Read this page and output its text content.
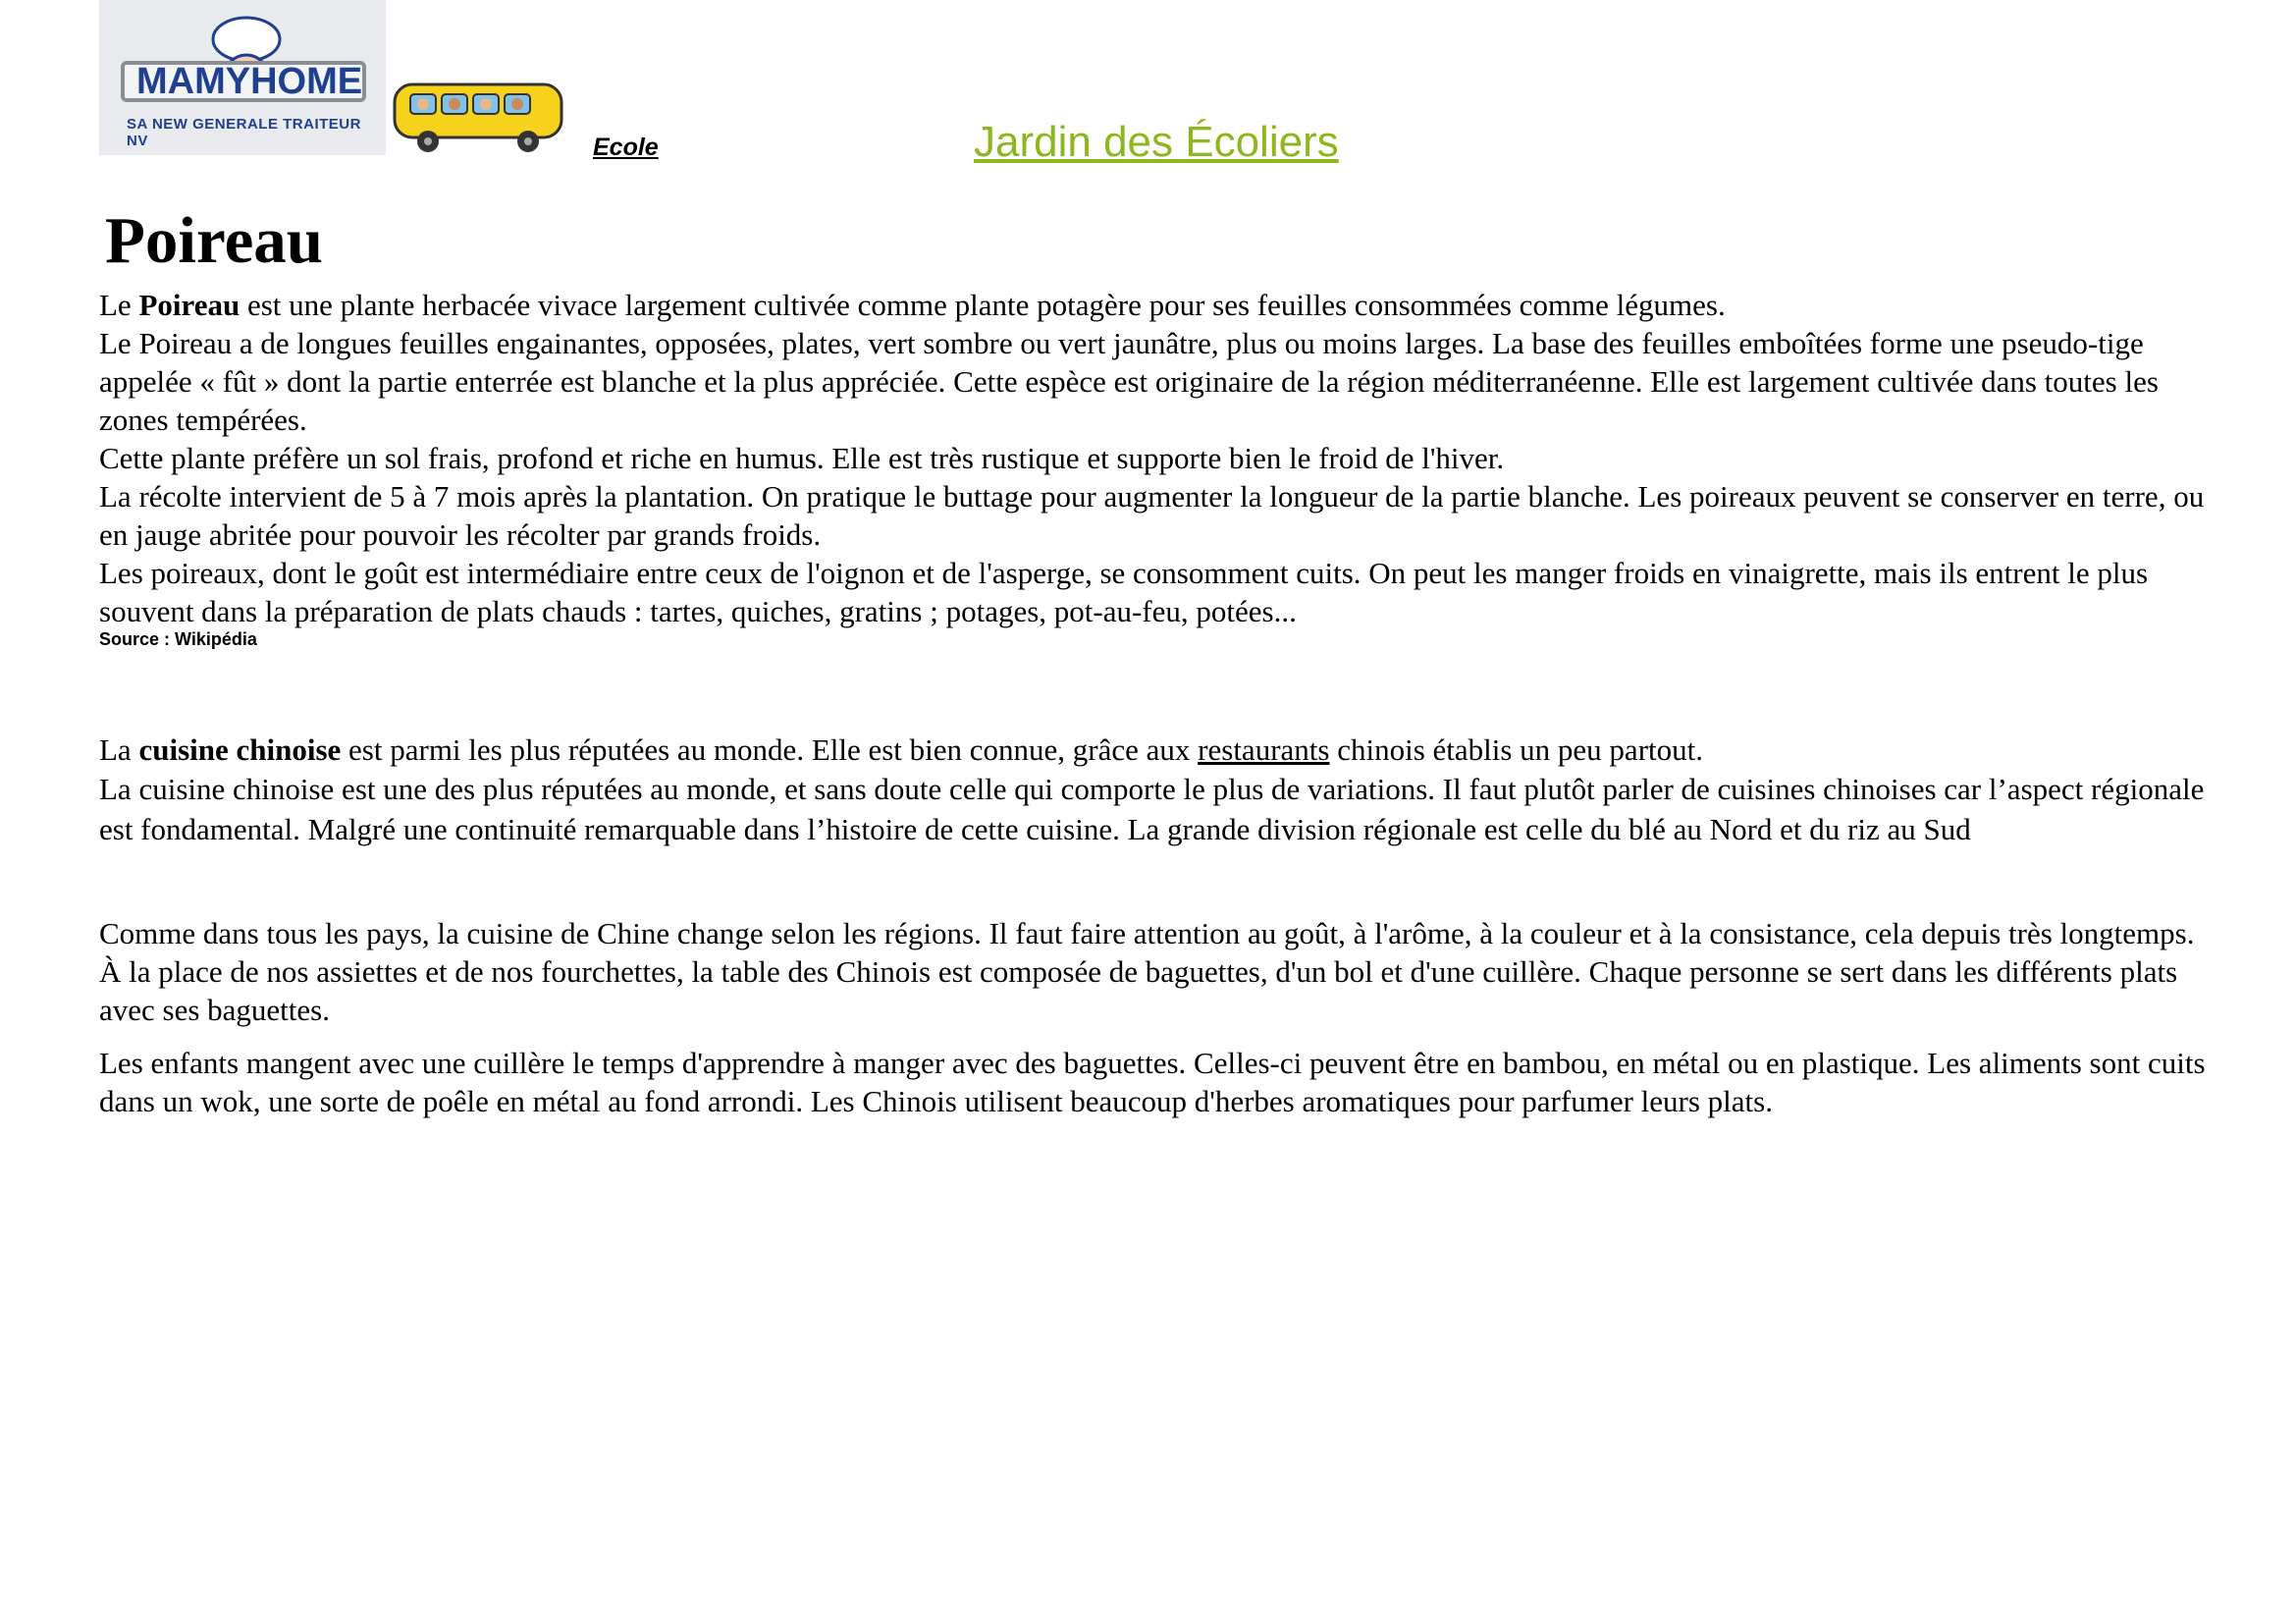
MAMY HOME
SA NEW GENERALE TRAITEUR NV	Ecole	Jardin des Écoliers
Poireau

Le Poireau est une plante herbacée vivace largement cultivée comme plante potagère pour ses feuilles consommées comme légumes.

Le Poireau a de longues feuilles engainantes, opposées, plates, vert sombre ou vert jaunâtre, plus ou moins larges. La base des feuilles emboîtées forme une pseudo-tige appelée « fût » dont la partie enterrée est blanche et la plus appréciée. Cette espèce est originaire de la région méditerranéenne. Elle est largement cultivée dans toutes les zones tempérées.

Cette plante préfère un sol frais, profond et riche en humus. Elle est très rustique et supporte bien le froid de l'hiver.

La récolte intervient de 5 à 7 mois après la plantation. On pratique le buttage pour augmenter la longueur de la partie blanche. Les poireaux peuvent se conserver en terre, ou en jauge abritée pour pouvoir les récolter par grands froids.

Les poireaux, dont le goût est intermédiaire entre ceux de l'oignon et de l'asperge, se consomment cuits. On peut les manger froids en vinaigrette, mais ils entrent le plus souvent dans la préparation de plats chauds : tartes, quiches, gratins ; potages, pot-au-feu, potées...

Source : Wikipédia

La cuisine chinoise est parmi les plus réputées au monde. Elle est bien connue, grâce aux restaurants chinois établis un peu partout.

La cuisine chinoise est une des plus réputées au monde, et sans doute celle qui comporte le plus de variations. Il faut plutôt parler de cuisines chinoises car l’aspect régionale est fondamental. Malgré une continuité remarquable dans l’histoire de cette cuisine. La grande division régionale est celle du blé au Nord et du riz au Sud

Comme dans tous les pays, la cuisine de Chine change selon les régions. Il faut faire attention au goût, à l'arôme, à la couleur et à la consistance, cela depuis très longtemps. À la place de nos assiettes et de nos fourchettes, la table des Chinois est composée de baguettes, d'un bol et d'une cuillère. Chaque personne se sert dans les différents plats avec ses baguettes.

Les enfants mangent avec une cuillère le temps d'apprendre à manger avec des baguettes. Celles-ci peuvent être en bambou, en métal ou en plastique. Les aliments sont cuits dans un wok, une sorte de poêle en métal au fond arrondi. Les Chinois utilisent beaucoup d'herbes aromatiques pour parfumer leurs plats.
